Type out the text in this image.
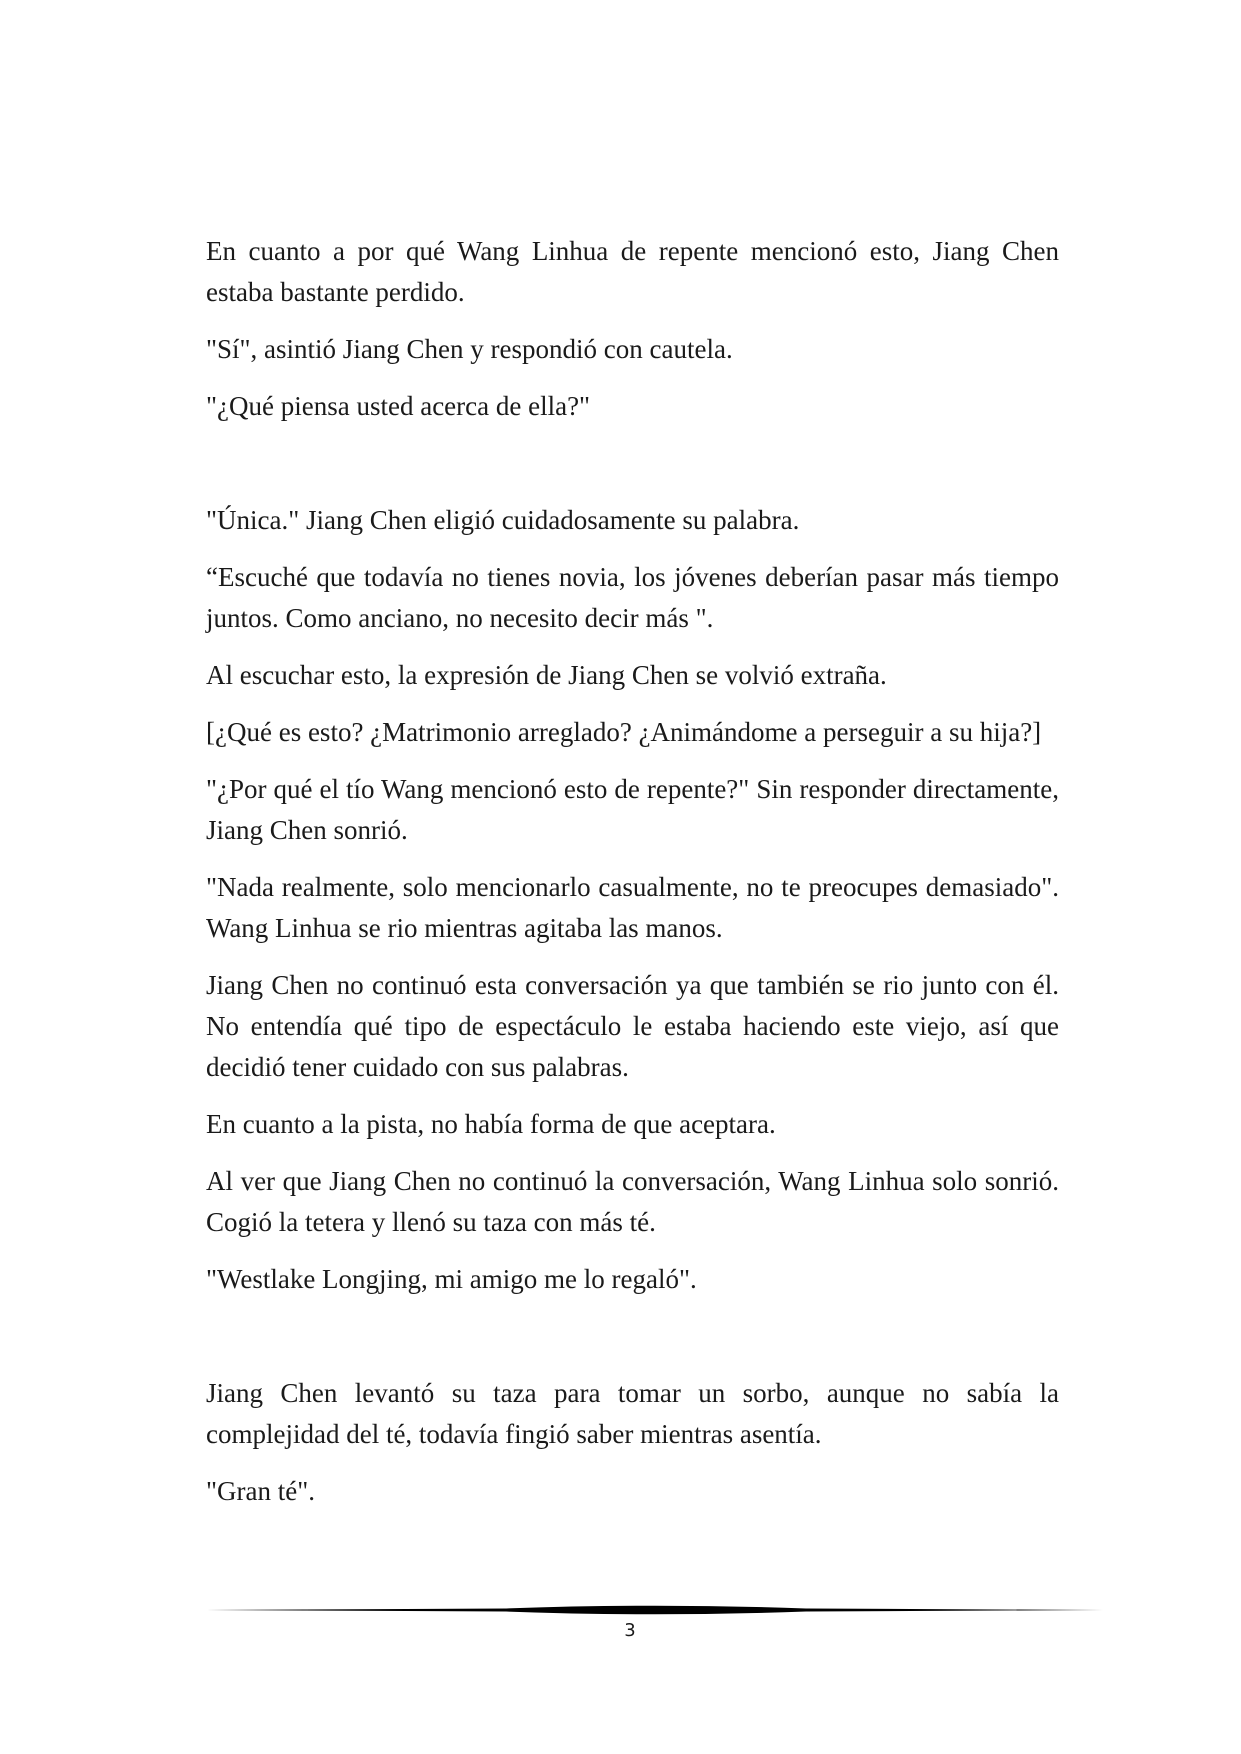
En cuanto a por qué Wang Linhua de repente mencionó esto, Jiang Chen estaba bastante perdido.

"Sí", asintió Jiang Chen y respondió con cautela.

"¿Qué piensa usted acerca de ella?"

"Única." Jiang Chen eligió cuidadosamente su palabra.

“Escuché que todavía no tienes novia, los jóvenes deberían pasar más tiempo juntos. Como anciano, no necesito decir más ".

Al escuchar esto, la expresión de Jiang Chen se volvió extraña.

[¿Qué es esto? ¿Matrimonio arreglado? ¿Animándome a perseguir a su hija?]

"¿Por qué el tío Wang mencionó esto de repente?" Sin responder directamente, Jiang Chen sonrió.

"Nada realmente, solo mencionarlo casualmente, no te preocupes demasiado". Wang Linhua se rio mientras agitaba las manos.

Jiang Chen no continuó esta conversación ya que también se rio junto con él. No entendía qué tipo de espectáculo le estaba haciendo este viejo, así que decidió tener cuidado con sus palabras.

En cuanto a la pista, no había forma de que aceptara.

Al ver que Jiang Chen no continuó la conversación, Wang Linhua solo sonrió. Cogió la tetera y llenó su taza con más té.

"Westlake Longjing, mi amigo me lo regaló".

Jiang Chen levantó su taza para tomar un sorbo, aunque no sabía la complejidad del té, todavía fingió saber mientras asentía.

"Gran té".

3
